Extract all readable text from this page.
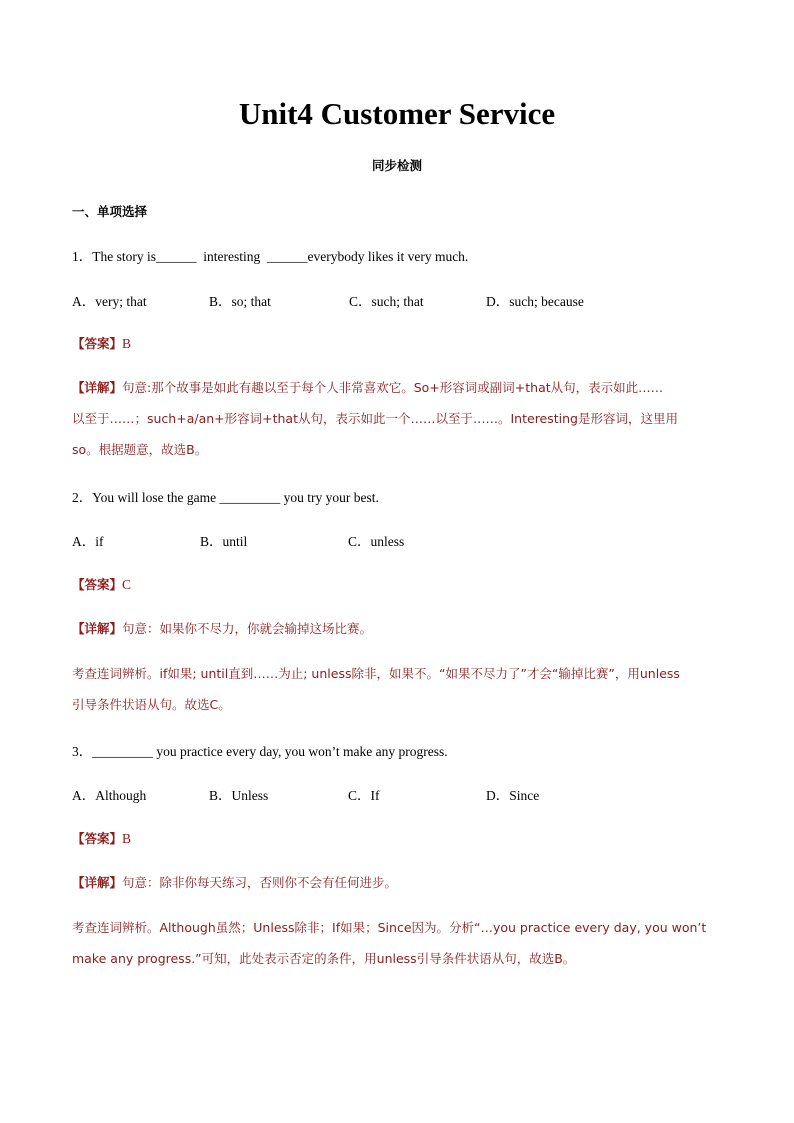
Unit4 Customer Service
同步检测
一、单项选择
1．The story is______  interesting  ______everybody likes it very much.
A．very; that	B．so; that	C．such; that	D．such; because
【答案】B
【详解】句意:那个故事是如此有趣以至于每个人非常喜欢它。So+形容词或副词+that从句，表示如此……
以至于……；such+a/an+形容词+that从句，表示如此一个……以至于……。Interesting是形容词，这里用
so。根据题意，故选B。
2．You will lose the game _________ you try your best.
A．if	B．until	C．unless
【答案】C
【详解】句意：如果你不尽力，你就会输掉这场比赛。
考查连词辨析。if如果; until直到……为止; unless除非，如果不。“如果不尽力了”才会“输掉比赛”，用unless
引导条件状语从句。故选C。
3．_________ you practice every day, you won’t make any progress.
A．Although	B．Unless	C．If	D．Since
【答案】B
【详解】句意：除非你每天练习，否则你不会有任何进步。
考查连词辨析。Although虽然；Unless除非；If如果；Since因为。分析“…you practice every day, you won’t
make any progress.”可知，此处表示否定的条件，用unless引导条件状语从句，故选B。
